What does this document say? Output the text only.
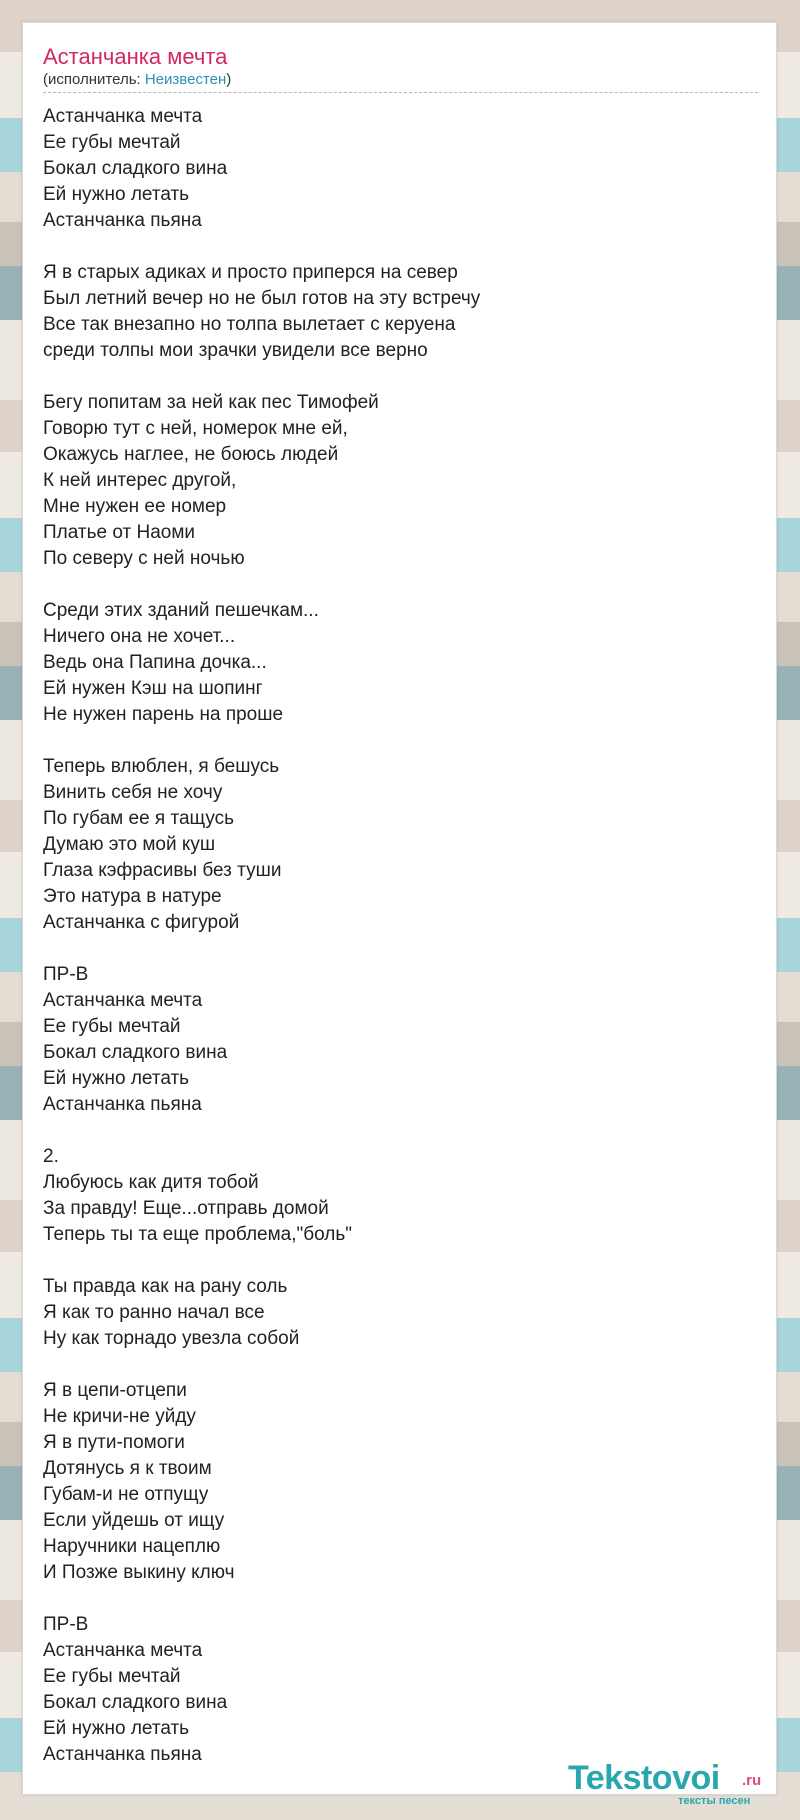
Астанчанка мечта
(исполнитель: Неизвестен)
Астанчанка мечта
Ее губы мечтай
Бокал сладкого вина
Ей нужно летать
Астанчанка пьяна
Я в старых адиках и просто приперся на север
Был летний вечер но не был готов на эту встречу
Все так внезапно но толпа вылетает с керуена
среди толпы мои зрачки увидели все верно
Бегу попитам за ней как пес Тимофей
Говорю тут с ней, номерок мне ей,
Окажусь наглее, не боюсь людей
К ней интерес другой,
Мне нужен ее номер
Платье от Наоми
По северу с ней ночью
Среди этих зданий пешечкам...
Ничего она не хочет...
Ведь она Папина дочка...
Ей нужен Кэш на шопинг
Не нужен парень на проше
Теперь влюблен, я бешусь
Винить себя не хочу
По губам ее я тащусь
Думаю это мой куш
Глаза кэфрасивы без туши
Это натура в натуре
Астанчанка с фигурой
ПР-В
Астанчанка мечта
Ее губы мечтай
Бокал сладкого вина
Ей нужно летать
Астанчанка пьяна
2.
Любуюсь как дитя тобой
За правду! Еще...отправь домой
Теперь ты та еще проблема,"боль"
Ты правда как на рану соль
Я как то ранно начал все
Ну как торнадо увезла собой
Я в цепи-отцепи
Не кричи-не уйду
Я в пути-помоги
Дотянусь я к твоим
Губам-и не отпущу
Если уйдешь от ищу
Наручники нацеплю
И Позже выкину ключ
ПР-В
Астанчанка мечта
Ее губы мечтай
Бокал сладкого вина
Ей нужно летать
Астанчанка пьяна
Tekstovoi .ru
тексты песен
